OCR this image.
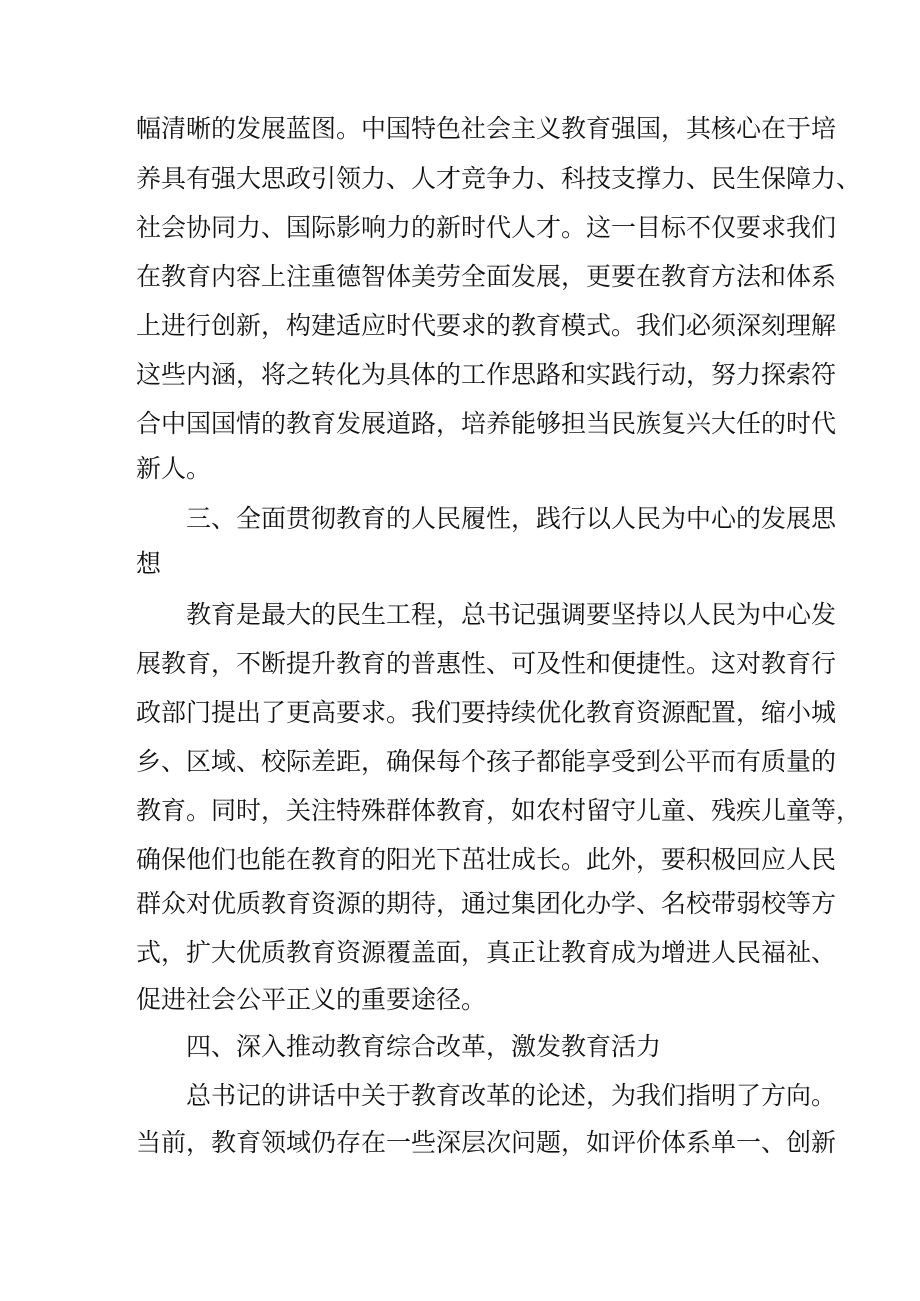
幅清晰的发展蓝图。中国特色社会主义教育强国，其核心在于培
养具有强大思政引领力、人才竞争力、科技支撑力、民生保障力、
社会协同力、国际影响力的新时代人才。这一目标不仅要求我们
在教育内容上注重德智体美劳全面发展，更要在教育方法和体系
上进行创新，构建适应时代要求的教育模式。我们必须深刻理解
这些内涵，将之转化为具体的工作思路和实践行动，努力探索符
合中国国情的教育发展道路，培养能够担当民族复兴大任的时代
新人。
三、全面贯彻教育的人民履性，践行以人民为中心的发展思
想
教育是最大的民生工程，总书记强调要坚持以人民为中心发
展教育，不断提升教育的普惠性、可及性和便捷性。这对教育行
政部门提出了更高要求。我们要持续优化教育资源配置，缩小城
乡、区域、校际差距，确保每个孩子都能享受到公平而有质量的
教育。同时，关注特殊群体教育，如农村留守儿童、残疾儿童等，
确保他们也能在教育的阳光下茁壮成长。此外，要积极回应人民
群众对优质教育资源的期待，通过集团化办学、名校带弱校等方
式，扩大优质教育资源覆盖面，真正让教育成为增进人民福祉、
促进社会公平正义的重要途径。
四、深入推动教育综合改革，激发教育活力
总书记的讲话中关于教育改革的论述，为我们指明了方向。
当前，教育领域仍存在一些深层次问题，如评价体系单一、创新
